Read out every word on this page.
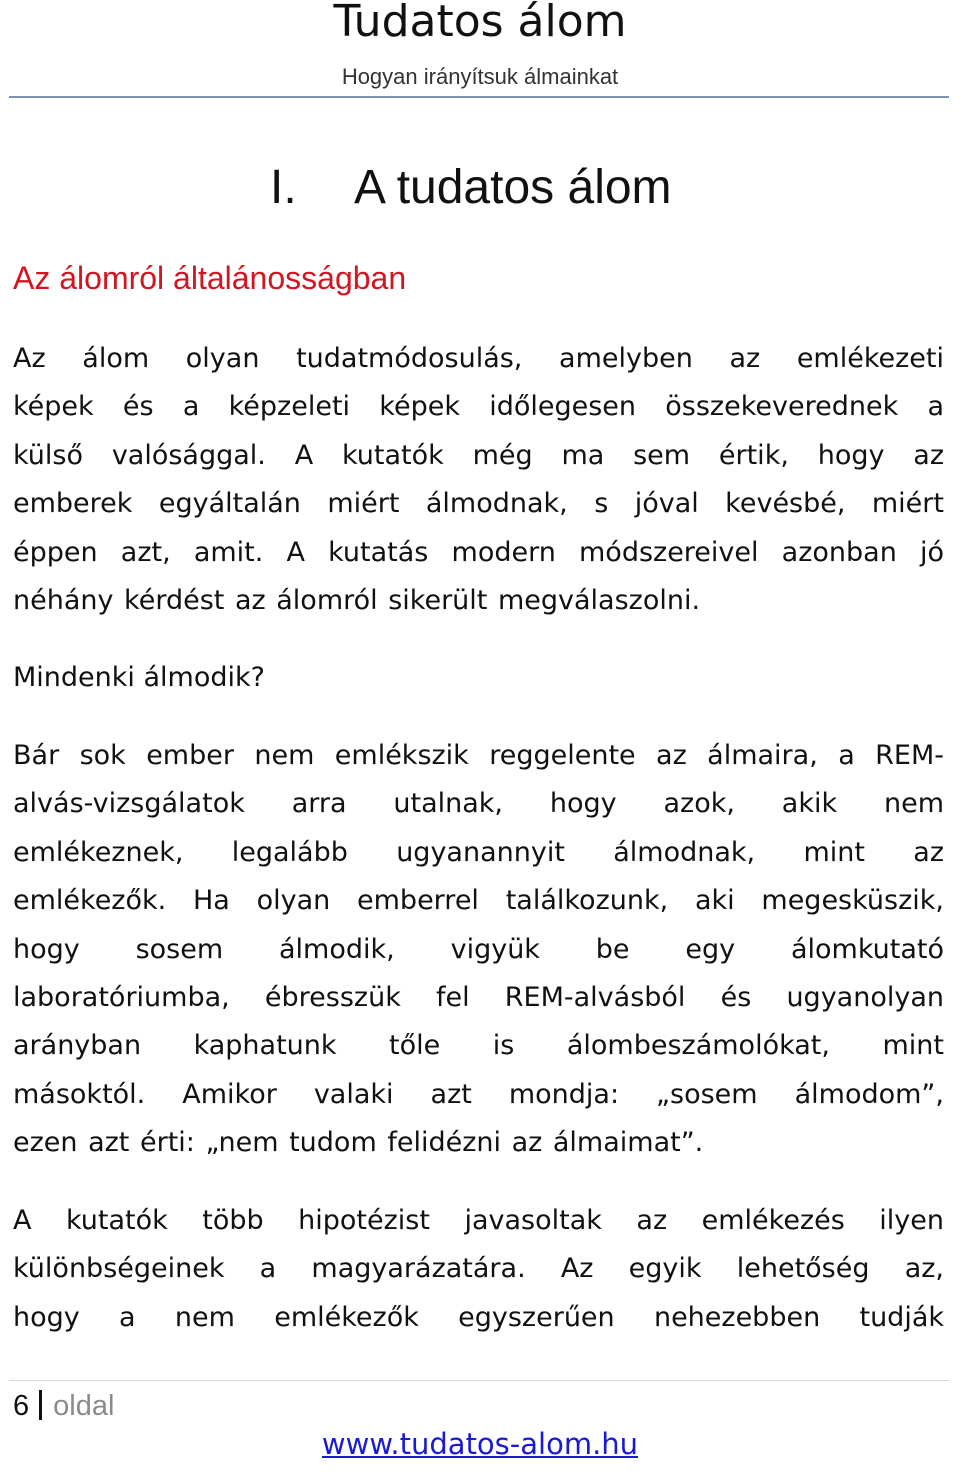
Tudatos álom
Hogyan irányítsuk álmainkat
I. A tudatos álom
Az álomról általánosságban
Az álom olyan tudatmódosulás, amelyben az emlékezeti
képek és a képzeleti képek időlegesen összekeverednek a
külső valósággal. A kutatók még ma sem értik, hogy az
emberek egyáltalán miért álmodnak, s jóval kevésbé, miért
éppen azt, amit. A kutatás modern módszereivel azonban jó
néhány kérdést az álomról sikerült megválaszolni.
Mindenki álmodik?
Bár sok ember nem emlékszik reggelente az álmaira, a REM-
alvás-vizsgálatok arra utalnak, hogy azok, akik nem
emlékeznek, legalább ugyanannyit álmodnak, mint az
emlékezők. Ha olyan emberrel találkozunk, aki megesküszik,
hogy sosem álmodik, vigyük be egy álomkutató
laboratóriumba, ébresszük fel REM-alvásból és ugyanolyan
arányban kaphatunk tőle is álombeszámolókat, mint
másoktól. Amikor valaki azt mondja: „sosem álmodom”,
ezen azt érti: „nem tudom felidézni az álmaimat”.
A kutatók több hipotézist javasoltak az emlékezés ilyen
különbségeinek a magyarázatára. Az egyik lehetőség az,
hogy a nem emlékezők egyszerűen nehezebben tudják
6 oldal
www.tudatos-alom.hu
